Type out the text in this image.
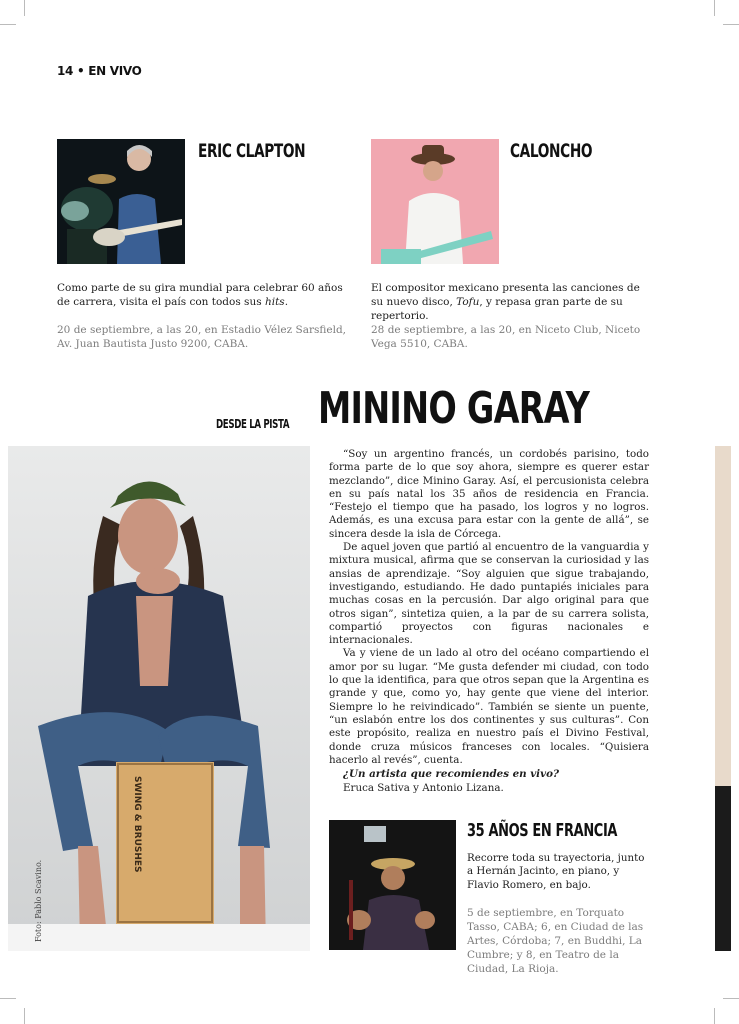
14 • EN VIVO
ERIC CLAPTON
Como parte de su gira mundial para celebrar 60 años de carrera, visita el país con todos sus hits.
20 de septiembre, a las 20, en Estadio Vélez Sarsfield, Av. Juan Bautista Justo 9200, CABA.
CALONCHO
El compositor mexicano presenta las canciones de su nuevo disco, Tofu, y repasa gran parte de su repertorio.
28 de septiembre, a las 20, en Niceto Club, Niceto Vega 5510, CABA.
DESDE LA PISTA MININO GARAY
SWING & BRUSHES
Foto: Pablo Scavino.

“Soy un argentino francés, un cordobés parisino, todo forma parte de lo que soy ahora, siempre es querer estar mezclando”, dice Minino Garay. Así, el percusionista celebra en su país natal los 35 años de residencia en Francia. “Festejo el tiempo que ha pasado, los logros y no logros. Además, es una excusa para estar con la gente de allá”, se sincera desde la isla de Córcega.

De aquel joven que partió al encuentro de la vanguardia y mixtura musical, afirma que se conservan la curiosidad y las ansias de aprendizaje. “Soy alguien que sigue trabajando, investigando, estudiando. He dado puntapiés iniciales para muchas cosas en la percusión. Dar algo original para que otros sigan”, sintetiza quien, a la par de su carrera solista, compartió proyectos con figuras nacionales e internacionales.

Va y viene de un lado al otro del océano compartiendo el amor por su lugar. “Me gusta defender mi ciudad, con todo lo que la identifica, para que otros sepan que la Argentina es grande y que, como yo, hay gente que viene del interior. Siempre lo he reivindicado”. También se siente un puente, “un eslabón entre los dos continentes y sus culturas”. Con este propósito, realiza en nuestro país el Divino Festival, donde cruza músicos franceses con locales. “Quisiera hacerlo al revés”, cuenta.

¿Un artista que recomiendes en vivo?
Eruca Sativa y Antonio Lizana.
35 AÑOS EN FRANCIA
Recorre toda su trayectoria, junto a Hernán Jacinto, en piano, y Flavio Romero, en bajo.
5 de septiembre, en Torquato Tasso, CABA; 6, en Ciudad de las Artes, Córdoba; 7, en Buddhi, La Cumbre; y 8, en Teatro de la Ciudad, La Rioja.
